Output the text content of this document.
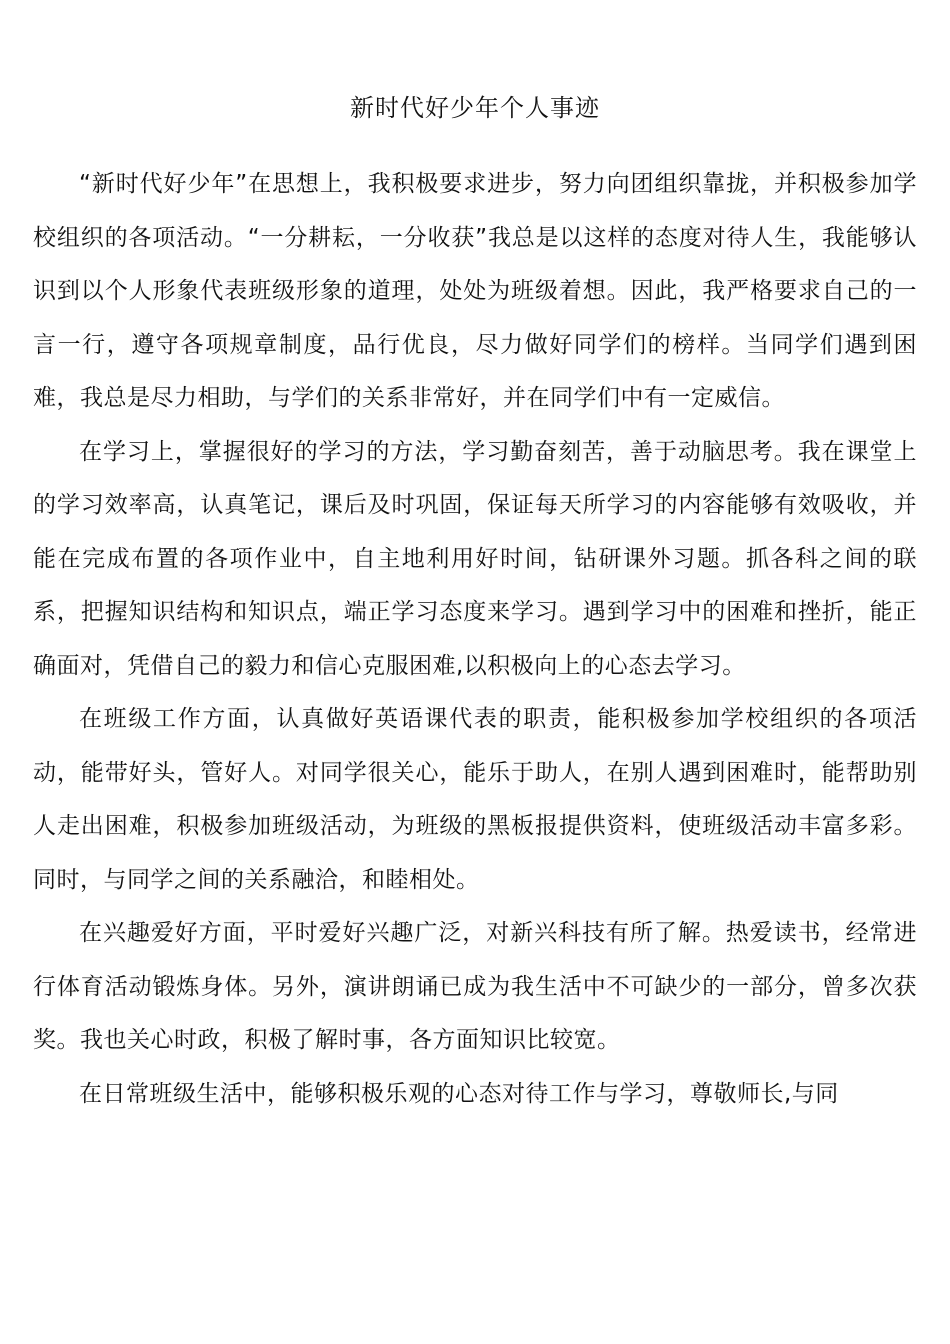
新时代好少年个人事迹

“新时代好少年”在思想上，我积极要求进步，努力向团组织靠拢，并积极参加学校组织的各项活动。“一分耕耘，一分收获”我总是以这样的态度对待人生，我能够认识到以个人形象代表班级形象的道理，处处为班级着想。因此，我严格要求自己的一言一行，遵守各项规章制度，品行优良，尽力做好同学们的榜样。当同学们遇到困难，我总是尽力相助，与学们的关系非常好，并在同学们中有一定威信。

在学习上，掌握很好的学习的方法，学习勤奋刻苦，善于动脑思考。我在课堂上的学习效率高，认真笔记，课后及时巩固，保证每天所学习的内容能够有效吸收，并能在完成布置的各项作业中，自主地利用好时间，钻研课外习题。抓各科之间的联系，把握知识结构和知识点，端正学习态度来学习。遇到学习中的困难和挫折，能正确面对，凭借自己的毅力和信心克服困难,以积极向上的心态去学习。

在班级工作方面，认真做好英语课代表的职责，能积极参加学校组织的各项活动，能带好头，管好人。对同学很关心，能乐于助人，在别人遇到困难时，能帮助别人走出困难，积极参加班级活动，为班级的黑板报提供资料，使班级活动丰富多彩。同时，与同学之间的关系融洽，和睦相处。

在兴趣爱好方面，平时爱好兴趣广泛，对新兴科技有所了解。热爱读书，经常进行体育活动锻炼身体。另外，演讲朗诵已成为我生活中不可缺少的一部分，曾多次获奖。我也关心时政，积极了解时事，各方面知识比较宽。

在日常班级生活中，能够积极乐观的心态对待工作与学习，尊敬师长,与同
